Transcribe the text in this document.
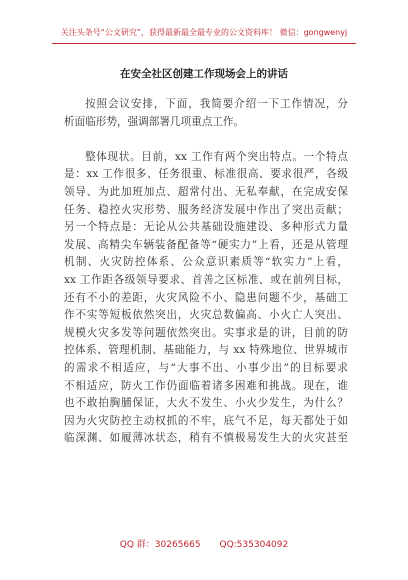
关注头条号“公文研究”，获得最新最全最专业的公文资料库！ 微信：gongwenyj
在安全社区创建工作现场会上的讲话
按照会议安排，下面，我简要介绍一下工作情况，分
析面临形势，强调部署几项重点工作。
整体现状。目前，xx 工作有两个突出特点。一个特点
是：xx 工作很多、任务很重、标准很高、要求很严，各级
领导、为此加班加点、超常付出、无私奉献，在完成安保
任务、稳控火灾形势、服务经济发展中作出了突出贡献；
另一个特点是：无论从公共基础设施建设、多种形式力量
发展、高精尖车辆装备配备等“硬实力”上看，还是从管理
机制、火灾防控体系、公众意识素质等“软实力”上看，
xx 工作距各级领导要求、首善之区标准、或在前列目标，
还有不小的差距，火灾风险不小、隐患问题不少，基础工
作不实等短板依然突出，火灾总数偏高、小火亡人突出、
规模火灾多发等问题依然突出。实事求是的讲，目前的防
控体系、管理机制、基础能力，与 xx 特殊地位、世界城市
的需求不相适应，与“大事不出、小事少出”的目标要求
不相适应，防火工作仍面临着诸多困难和挑战。现在，谁
也不敢拍胸脯保证，大火不发生、小火少发生，为什么？
因为火灾防控主动权抓的不牢，底气不足，每天都处于如
临深渊、如履薄冰状态，稍有不慎极易发生大的火灾甚至
QQ 群：30265665 QQ:535304092
